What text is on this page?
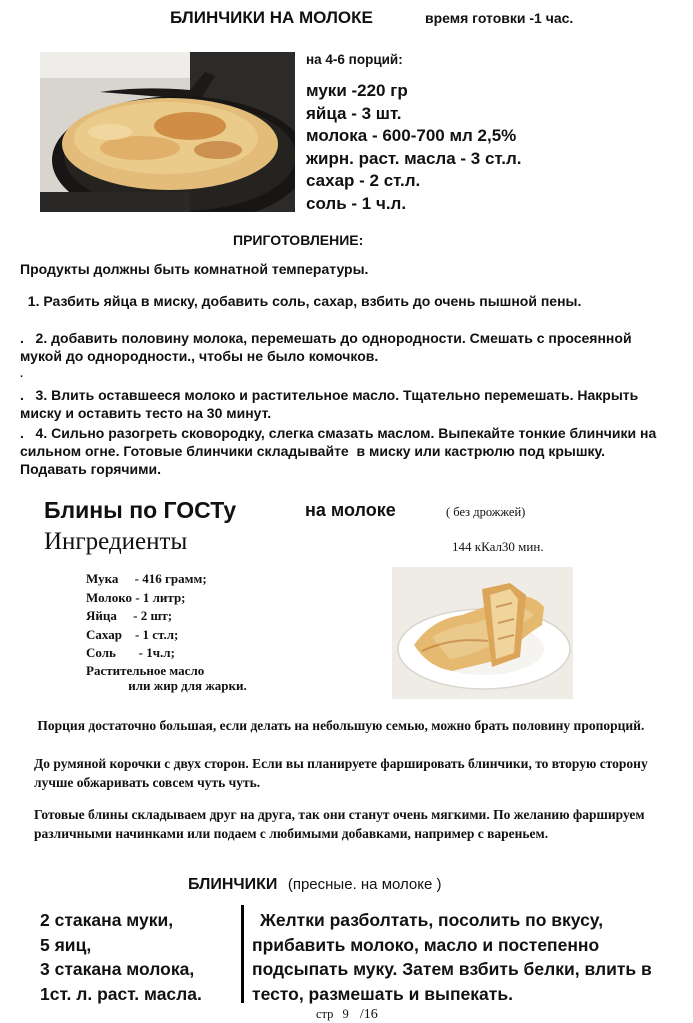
БЛИНЧИКИ НА МОЛОКЕ	время готовки -1 час.
на 4-6 порций:
муки -220 гр
яйца - 3 шт.
молока - 600-700 мл 2,5%
жирн. раст. масла - 3 ст.л.
сахар - 2 ст.л.
соль - 1 ч.л.
ПРИГОТОВЛЕНИЕ:
Продукты должны быть комнатной температуры.
1. Разбить яйца в миску, добавить соль, сахар, взбить до очень пышной пены.
.   2. добавить половину молока, перемешать до однородности. Смешать с просеянной мукой до однородности., чтобы не было комочков.
.
.   3. Влить оставшееся молоко и растительное масло. Тщательно перемешать. Накрыть миску и оставить тесто на 30 минут.
.   4. Сильно разогреть сковородку, слегка смазать маслом. Выпекайте тонкие блинчики на сильном огне. Готовые блинчики складывайте  в миску или кастрюлю под крышку. Подавать горячими.
Блины по ГОСТу	на молоке	( без дрожжей)
Ингредиенты	144 кКал30 мин.
Мука     - 416 грамм;
Молоко - 1 литр;
Яйца     - 2 шт;
Сахар    - 1 ст.л;
Соль       - 1ч.л;
Растительное масло
или жир для жарки.	TANOOK.RU
Порция достаточно большая, если делать на небольшую семью, можно брать половину пропорций.
До румяной корочки с двух сторон. Если вы планируете фаршировать блинчики, то вторую сторону лучше обжаривать совсем чуть чуть.
Готовые блины складываем друг на друга, так они станут очень мягкими. По желанию фаршируем различными начинками или подаем с любимыми добавками, например с вареньем.
БЛИНЧИКИ (пресные. на молоке )
2 стакана муки,
5 яиц,
3 стакана молока,
1ст. л. раст. масла.
Желтки разболтать, посолить по вкусу, прибавить молоко, масло и постепенно подсыпать муку. Затем взбить белки, влить в тесто, размешать и выпекать.
стр 9 /16
